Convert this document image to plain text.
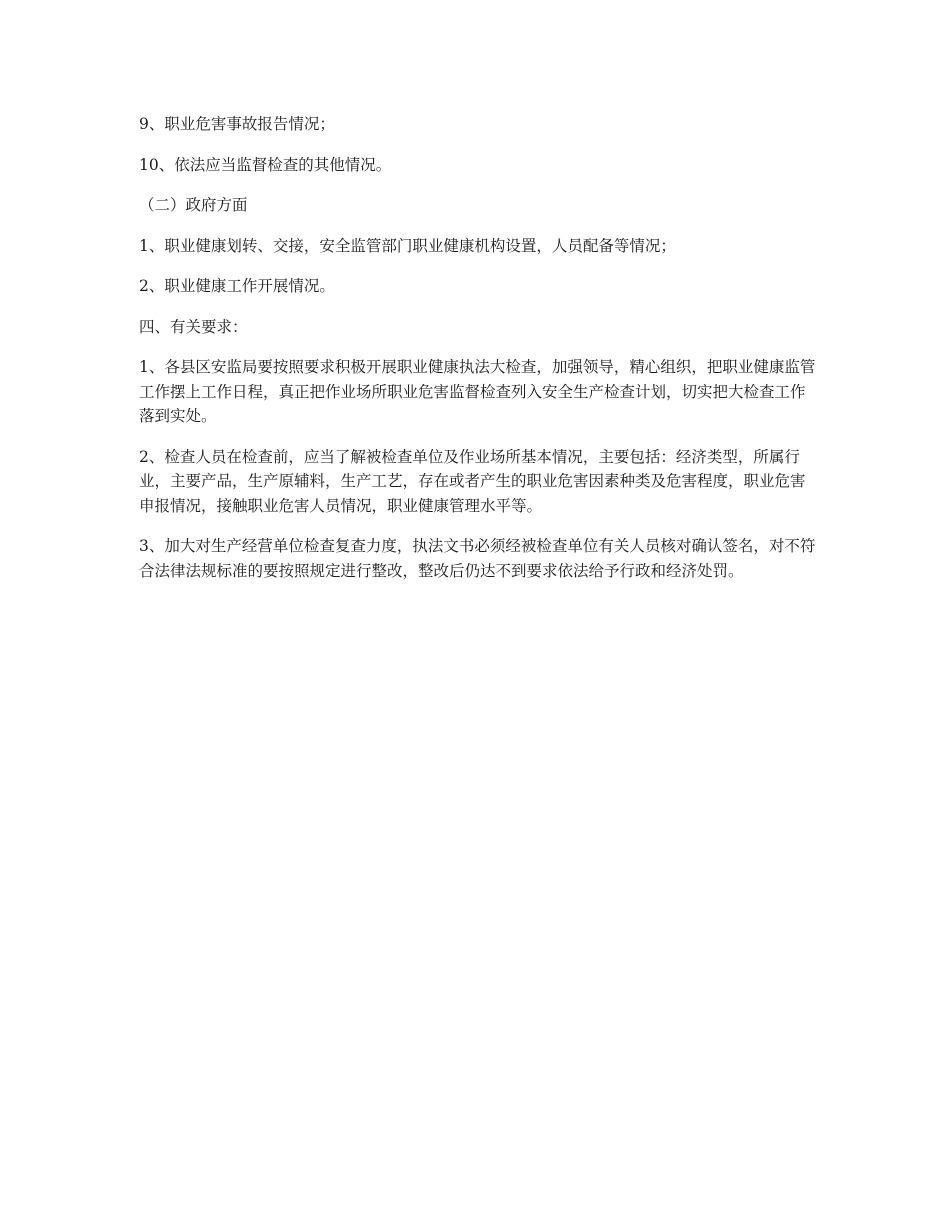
9、职业危害事故报告情况；

10、依法应当监督检查的其他情况。

（二）政府方面

1、职业健康划转、交接，安全监管部门职业健康机构设置，人员配备等情况；

2、职业健康工作开展情况。

四、有关要求：

1、各县区安监局要按照要求积极开展职业健康执法大检查，加强领导，精心组织，把职业健康监管工作摆上工作日程，真正把作业场所职业危害监督检查列入安全生产检查计划，切实把大检查工作落到实处。

2、检查人员在检查前，应当了解被检查单位及作业场所基本情况，主要包括：经济类型，所属行业，主要产品，生产原辅料，生产工艺，存在或者产生的职业危害因素种类及危害程度，职业危害申报情况，接触职业危害人员情况，职业健康管理水平等。

3、加大对生产经营单位检查复查力度，执法文书必须经被检查单位有关人员核对确认签名，对不符合法律法规标准的要按照规定进行整改，整改后仍达不到要求依法给予行政和经济处罚。
